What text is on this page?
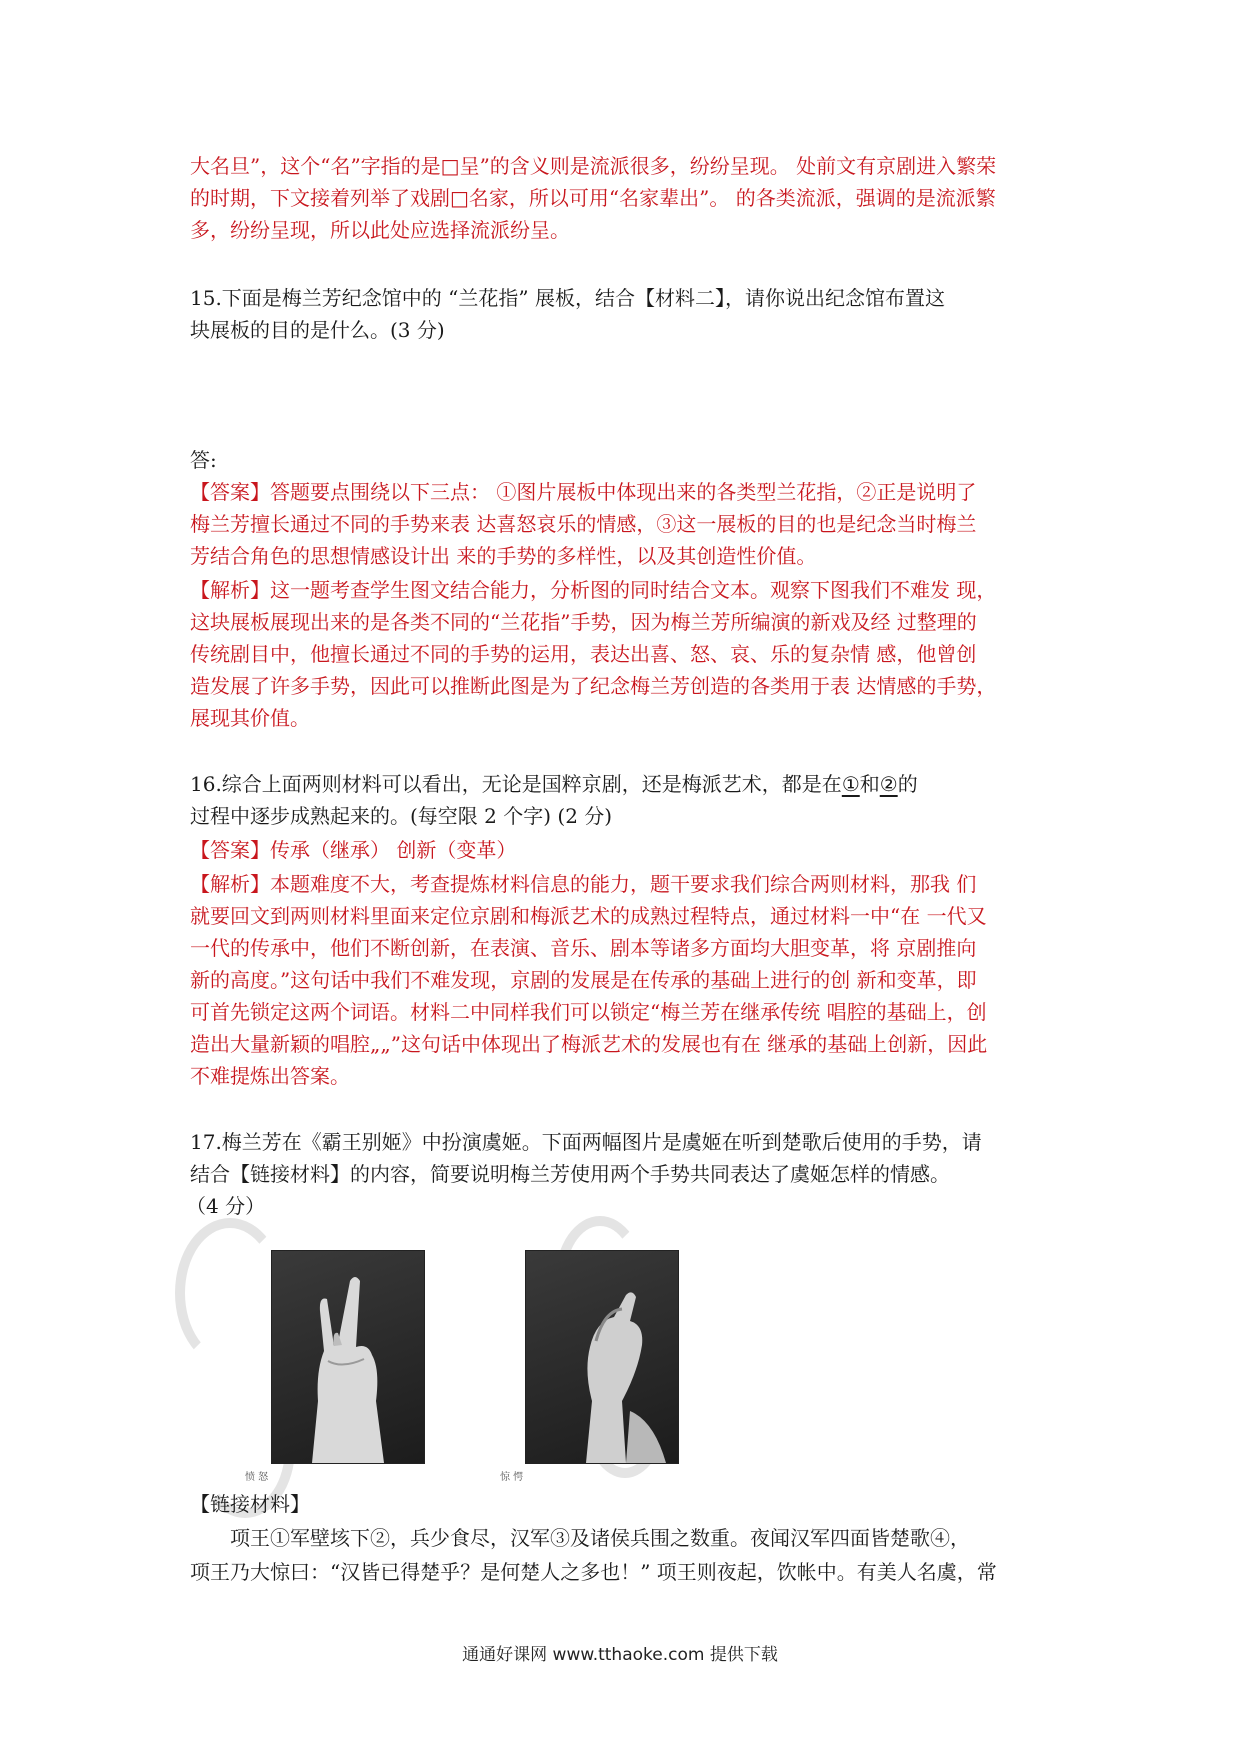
大名旦”，这个“名”字指的是□呈”的含义则是流派很多，纷纷呈现。 处前文有京剧进入繁荣
的时期，下文接着列举了戏剧□名家，所以可用“名家辈出”。 的各类流派，强调的是流派繁
多，纷纷呈现，所以此处应选择流派纷呈。
15.下面是梅兰芳纪念馆中的 “兰花指” 展板，结合【材料二】，请你说出纪念馆布置这
块展板的目的是什么。(3 分)
答:
【答案】答题要点围绕以下三点： ①图片展板中体现出来的各类型兰花指，②正是说明了
梅兰芳擅长通过不同的手势来表 达喜怒哀乐的情感，③这一展板的目的也是纪念当时梅兰
芳结合角色的思想情感设计出 来的手势的多样性，以及其创造性价值。
【解析】这一题考查学生图文结合能力，分析图的同时结合文本。观察下图我们不难发 现，
这块展板展现出来的是各类不同的“兰花指”手势，因为梅兰芳所编演的新戏及经 过整理的
传统剧目中，他擅长通过不同的手势的运用，表达出喜、怒、哀、乐的复杂情 感，他曾创
造发展了许多手势，因此可以推断此图是为了纪念梅兰芳创造的各类用于表 达情感的手势，
展现其价值。
16.综合上面两则材料可以看出，无论是国粹京剧，还是梅派艺术，都是在①和②的
过程中逐步成熟起来的。(每空限 2 个字) (2 分)
【答案】传承（继承） 创新（变革）
【解析】本题难度不大，考查提炼材料信息的能力，题干要求我们综合两则材料，那我 们
就要回文到两则材料里面来定位京剧和梅派艺术的成熟过程特点，通过材料一中“在 一代又
一代的传承中，他们不断创新，在表演、音乐、剧本等诸多方面均大胆变革，将 京剧推向
新的高度。”这句话中我们不难发现，京剧的发展是在传承的基础上进行的创 新和变革，即
可首先锁定这两个词语。材料二中同样我们可以锁定“梅兰芳在继承传统 唱腔的基础上，创
造出大量新颖的唱腔„„”这句话中体现出了梅派艺术的发展也有在 继承的基础上创新，因此
不难提炼出答案。
17.梅兰芳在《霸王别姬》中扮演虞姬。下面两幅图片是虞姬在听到楚歌后使用的手势，请
结合【链接材料】的内容，简要说明梅兰芳使用两个手势共同表达了虞姬怎样的情感。
（4 分）
愤 怒	惊 愕
【链接材料】
项王①军壁垓下②，兵少食尽，汉军③及诸侯兵围之数重。夜闻汉军四面皆楚歌④，
项王乃大惊曰：“汉皆已得楚乎？是何楚人之多也！” 项王则夜起，饮帐中。有美人名虞，常
通通好课网 www.tthaoke.com 提供下载
